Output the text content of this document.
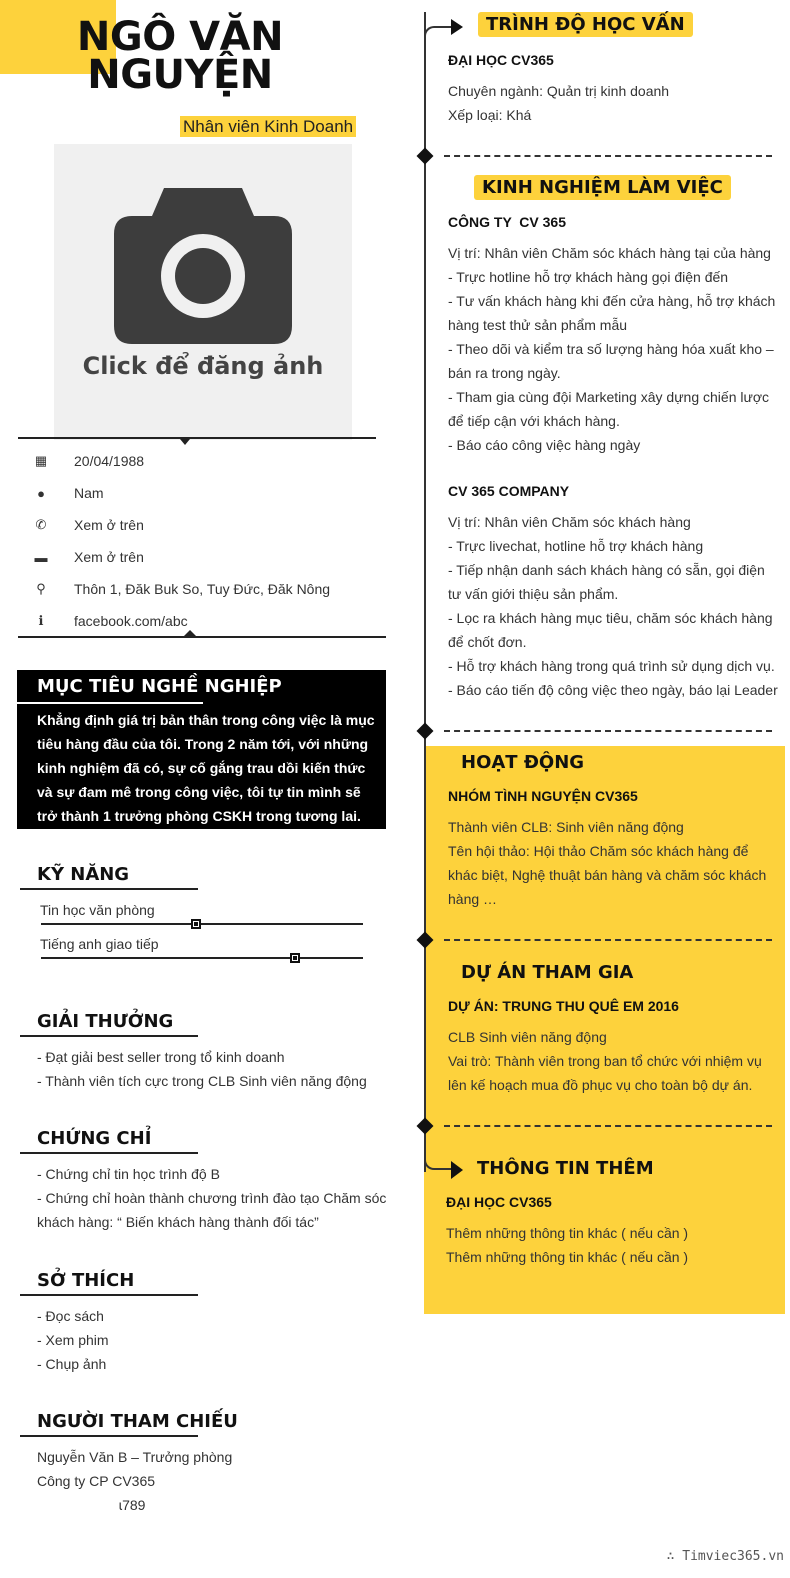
NGÔ VĂN
NGUYỆN
Nhân viên Kinh Doanh
Click để đăng ảnh
▦	20/04/1988
●	Nam
✆	Xem ở trên
▬	Xem ở trên
⚲	Thôn 1, Đăk Buk So, Tuy Đức, Đăk Nông
ℹ	facebook.com/abc
MỤC TIÊU NGHỀ NGHIỆP
Khẳng định giá trị bản thân trong công việc là mục tiêu hàng đầu của tôi. Trong 2 năm tới, với những kinh nghiệm đã có, sự cố gắng trau dồi kiến thức và sự đam mê trong công việc, tôi tự tin mình sẽ trở thành 1 trưởng phòng CSKH trong tương lai.
KỸ NĂNG
Tin học văn phòng
Tiếng anh giao tiếp
GIẢI THƯỞNG
- Đạt giải best seller trong tổ kinh doanh
- Thành viên tích cực trong CLB Sinh viên năng động
CHỨNG CHỈ
- Chứng chỉ tin học trình độ B
- Chứng chỉ hoàn thành chương trình đào tạo Chăm sóc
khách hàng: “ Biến khách hàng thành đối tác”
SỞ THÍCH
- Đọc sách
- Xem phim
- Chụp ảnh
NGƯỜI THAM CHIẾU
Nguyễn Văn B – Trưởng phòng
Công ty CP CV365
ɩ789
TRÌNH ĐỘ HỌC VẤN
ĐẠI HỌC CV365
Chuyên ngành: Quản trị kinh doanh
Xếp loại: Khá
KINH NGHIỆM LÀM VIỆC
CÔNG TY  CV 365
Vị trí: Nhân viên Chăm sóc khách hàng tại của hàng
- Trực hotline hỗ trợ khách hàng gọi điện đến
- Tư vấn khách hàng khi đến cửa hàng, hỗ trợ khách
hàng test thử sản phẩm mẫu
- Theo dõi và kiểm tra số lượng hàng hóa xuất kho –
bán ra trong ngày.
- Tham gia cùng đội Marketing xây dựng chiến lược
để tiếp cận với khách hàng.
- Báo cáo công việc hàng ngày
CV 365 COMPANY
Vị trí: Nhân viên Chăm sóc khách hàng
- Trực livechat, hotline hỗ trợ khách hàng
- Tiếp nhận danh sách khách hàng có sẵn, gọi điện
tư vấn giới thiệu sản phẩm.
- Lọc ra khách hàng mục tiêu, chăm sóc khách hàng
để chốt đơn.
- Hỗ trợ khách hàng trong quá trình sử dụng dịch vụ.
- Báo cáo tiến độ công việc theo ngày, báo lại Leader
HOẠT ĐỘNG
NHÓM TÌNH NGUYỆN CV365
Thành viên CLB: Sinh viên năng động
Tên hội thảo: Hội thảo Chăm sóc khách hàng để
khác biệt, Nghệ thuật bán hàng và chăm sóc khách
hàng …
DỰ ÁN THAM GIA
DỰ ÁN: TRUNG THU QUÊ EM 2016
CLB Sinh viên năng động
Vai trò: Thành viên trong ban tổ chức với nhiệm vụ
lên kế hoạch mua đồ phục vụ cho toàn bộ dự án.
THÔNG TIN THÊM
ĐẠI HỌC CV365
Thêm những thông tin khác ( nếu cần )
Thêm những thông tin khác ( nếu cần )
∴ Timviec365.vn
